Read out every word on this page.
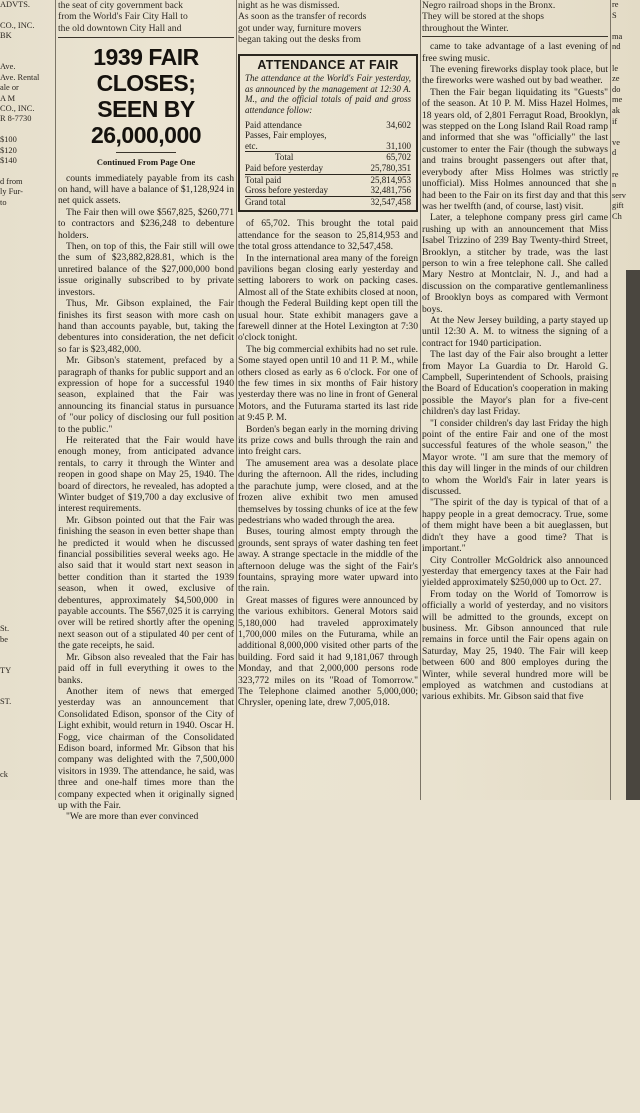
ADVTS.

CO., INC.
BK

Ave.
Ave. Rental
ale or
A M
CO., INC.
R 8-7730

$100
$120
$140

d from
ly Fur-
to

St.
be

TY

ST.

ck

the seat of city government back
from the World's Fair City Hall to
the old downtown City Hall and
1939 FAIR CLOSES;
SEEN BY 26,000,000
Continued From Page One

counts immediately payable from its cash on hand, will have a balance of $1,128,924 in net quick assets.

The Fair then will owe $567,825, $260,771 to contractors and $236,248 to debenture holders.

Then, on top of this, the Fair still will owe the sum of $23,882,828.81, which is the unretired balance of the $27,000,000 bond issue originally subscribed to by private investors.

Thus, Mr. Gibson explained, the Fair finishes its first season with more cash on hand than accounts payable, but, taking the debentures into consideration, the net deficit so far is $23,482,000.

Mr. Gibson's statement, prefaced by a paragraph of thanks for public support and an expression of hope for a successful 1940 season, explained that the Fair was announcing its financial status in pursuance of "our policy of disclosing our full position to the public."

He reiterated that the Fair would have enough money, from anticipated advance rentals, to carry it through the Winter and reopen in good shape on May 25, 1940. The board of directors, he revealed, has adopted a Winter budget of $19,700 a day exclusive of interest requirements.

Mr. Gibson pointed out that the Fair was finishing the season in even better shape than he predicted it would when he discussed financial possibilities several weeks ago. He also said that it would start next season in better condition than it started the 1939 season, when it owed, exclusive of debentures, approximately $4,500,000 in payable accounts. The $567,025 it is carrying over will be retired shortly after the opening next season out of a stipulated 40 per cent of the gate receipts, he said.

Mr. Gibson also revealed that the Fair has paid off in full everything it owes to the banks.

Another item of news that emerged yesterday was an announcement that Consolidated Edison, sponsor of the City of Light exhibit, would return in 1940. Oscar H. Fogg, vice chairman of the Consolidated Edison board, informed Mr. Gibson that his company was delighted with the 7,500,000 visitors in 1939. The attendance, he said, was three and one-half times more than the company expected when it originally signed up with the Fair.

"We are more than ever convinced

night as he was dismissed.
As soon as the transfer of records
got under way, furniture movers
began taking out the desks from
ATTENDANCE AT FAIR
The attendance at the World's Fair yesterday, as announced by the management at 12:30 A. M., and the official totals of paid and gross attendance follow:
Paid attendance	34,602
Passes, Fair employes,	
etc.	31,100
Total	65,702
Paid before yesterday	25,780,351
Total paid	25,814,953
Gross before yesterday	32,481,756
Grand total	32,547,458

of 65,702. This brought the total paid attendance for the season to 25,814,953 and the total gross attendance to 32,547,458.

In the international area many of the foreign pavilions began closing early yesterday and setting laborers to work on packing cases. Almost all of the State exhibits closed at noon, though the Federal Building kept open till the usual hour. State exhibit managers gave a farewell dinner at the Hotel Lexington at 7:30 o'clock tonight.

The big commercial exhibits had no set rule. Some stayed open until 10 and 11 P. M., while others closed as early as 6 o'clock. For one of the few times in six months of Fair history yesterday there was no line in front of General Motors, and the Futurama started its last ride at 9:45 P. M.

Borden's began early in the morning driving its prize cows and bulls through the rain and into freight cars.

The amusement area was a desolate place during the afternoon. All the rides, including the parachute jump, were closed, and at the frozen alive exhibit two men amused themselves by tossing chunks of ice at the few pedestrians who waded through the area.

Buses, touring almost empty through the grounds, sent sprays of water dashing ten feet away. A strange spectacle in the middle of the afternoon deluge was the sight of the Fair's fountains, spraying more water upward into the rain.

Great masses of figures were announced by the various exhibitors. General Motors said 5,180,000 had traveled approximately 1,700,000 miles on the Futurama, while an additional 8,000,000 visited other parts of the building. Ford said it had 9,181,067 through Monday, and that 2,000,000 persons rode 323,772 miles on its "Road of Tomorrow." The Telephone claimed another 5,000,000; Chrysler, opening late, drew 7,005,018.

Negro railroad shops in the Bronx.
They will be stored at the shops
throughout the Winter.

came to take advantage of a last evening of free swing music.

The evening fireworks display took place, but the fireworks were washed out by bad weather.

Then the Fair began liquidating its "Guests" of the season. At 10 P. M. Miss Hazel Holmes, 18 years old, of 2,801 Ferragut Road, Brooklyn, was stepped on the Long Island Rail Road ramp and informed that she was "officially" the last customer to enter the Fair (though the subways and trains brought passengers out after that, everybody after Miss Holmes was strictly unofficial). Miss Holmes announced that she had been to the Fair on its first day and that this was her twelfth (and, of course, last) visit.

Later, a telephone company press girl came rushing up with an announcement that Miss Isabel Trizzino of 239 Bay Twenty-third Street, Brooklyn, a stitcher by trade, was the last person to win a free telephone call. She called Mary Nestro at Montclair, N. J., and had a discussion on the comparative gentlemanliness of Brooklyn boys as compared with Vermont boys.

At the New Jersey building, a party stayed up until 12:30 A. M. to witness the signing of a contract for 1940 participation.

The last day of the Fair also brought a letter from Mayor La Guardia to Dr. Harold G. Campbell, Superintendent of Schools, praising the Board of Education's cooperation in making possible the Mayor's plan for a five-cent children's day last Friday.

"I consider children's day last Friday the high point of the entire Fair and one of the most successful features of the whole season," the Mayor wrote. "I am sure that the memory of this day will linger in the minds of our children to whom the World's Fair in later years is discussed.

"The spirit of the day is typical of that of a happy people in a great democracy. True, some of them might have been a bit aueglassen, but didn't they have a good time? That is important."

City Controller McGoldrick also announced yesterday that emergency taxes at the Fair had yielded approximately $250,000 up to Oct. 27.

From today on the World of Tomorrow is officially a world of yesterday, and no visitors will be admitted to the grounds, except on business. Mr. Gibson announced that rule remains in force until the Fair opens again on Saturday, May 25, 1940. The Fair will keep between 600 and 800 employes during the Winter, while several hundred more will be employed as watchmen and custodians at various exhibits. Mr. Gibson said that five

re
S

ma
nd

le
ze
do
me
ak
if

ve
d

re
n
serv
gift
Ch
